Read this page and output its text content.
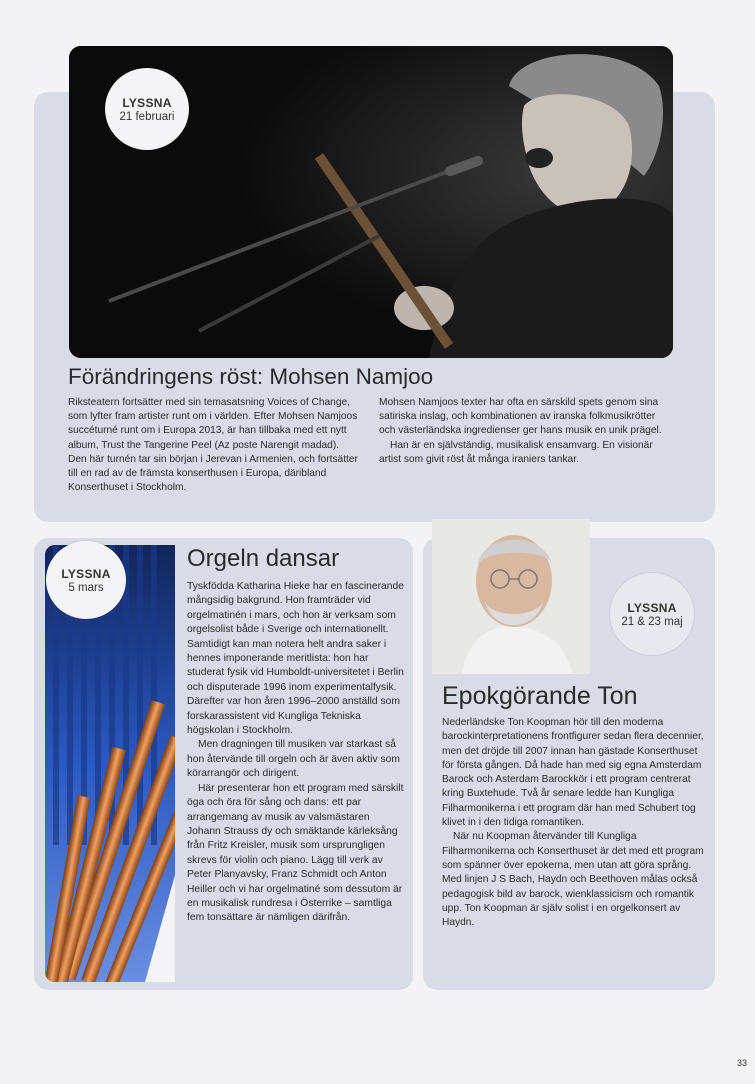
LYSSNA
21 februari
Förändringens röst: Mohsen Namjoo

Riksteatern fortsätter med sin temasatsning Voices of Change, som lyfter fram artister runt om i världen. Efter Mohsen Namjoos succéturné runt om i Europa 2013, är han tillbaka med ett nytt album, Trust the Tangerine Peel (Az poste Narengit madad). Den här turnén tar sin början i Jerevan i Armenien, och fortsätter till en rad av de främsta konserthusen i Europa, däribland Konserthuset i Stockholm.

Mohsen Namjoos texter har ofta en särskild spets genom sina satiriska inslag, och kombinationen av iranska folkmusikrötter och västerländska ingredienser ger hans musik en unik prägel.

Han är en självständig, musikalisk ensamvarg. En visionär artist som givit röst åt många iraniers tankar.

LYSSNA
5 mars
Orgeln dansar

Tyskfödda Katharina Hieke har en fascinerande mångsidig bakgrund. Hon framträder vid orgelmatinén i mars, och hon är verksam som orgelsolist både i Sverige och internationellt. Samtidigt kan man notera helt andra saker i hennes imponerande meritlista: hon har studerat fysik vid Humboldt-universitetet i Berlin och disputerade 1996 inom experimentalfysik. Därefter var hon åren 1996–2000 anställd som forskarassistent vid Kungliga Tekniska högskolan i Stockholm.

Men dragningen till musiken var starkast så hon återvände till orgeln och är även aktiv som körarrangör och dirigent.

Här presenterar hon ett program med särskilt öga och öra för sång och dans: ett par arrangemang av musik av valsmästaren Johann Strauss dy och smäktande kärleksång från Fritz Kreisler, musik som ursprungligen skrevs för violin och piano. Lägg till verk av Peter Planyavsky, Franz Schmidt och Anton Heiller och vi har orgelmatiné som dessutom är en musikalisk rundresa i Österrike – samtliga fem tonsättare är nämligen därifrån.

LYSSNA
21 & 23 maj
Epokgörande Ton

Nederländske Ton Koopman hör till den moderna barockinterpretationens frontfigurer sedan flera decennier, men det dröjde till 2007 innan han gästade Konserthuset för första gången. Då hade han med sig egna Amsterdam Barock och Asterdam Barockkör i ett program centrerat kring Buxtehude. Två år senare ledde han Kungliga Filharmonikerna i ett program där han med Schubert tog klivet in i den tidiga romantiken.

När nu Koopman återvänder till Kungliga Filharmonikerna och Konserthuset är det med ett program som spänner över epokerna, men utan att göra språng. Med linjen J S Bach, Haydn och Beethoven målas också pedagogisk bild av barock, wienklassicism och romantik upp. Ton Koopman är själv solist i en orgelkonsert av Haydn.

33
